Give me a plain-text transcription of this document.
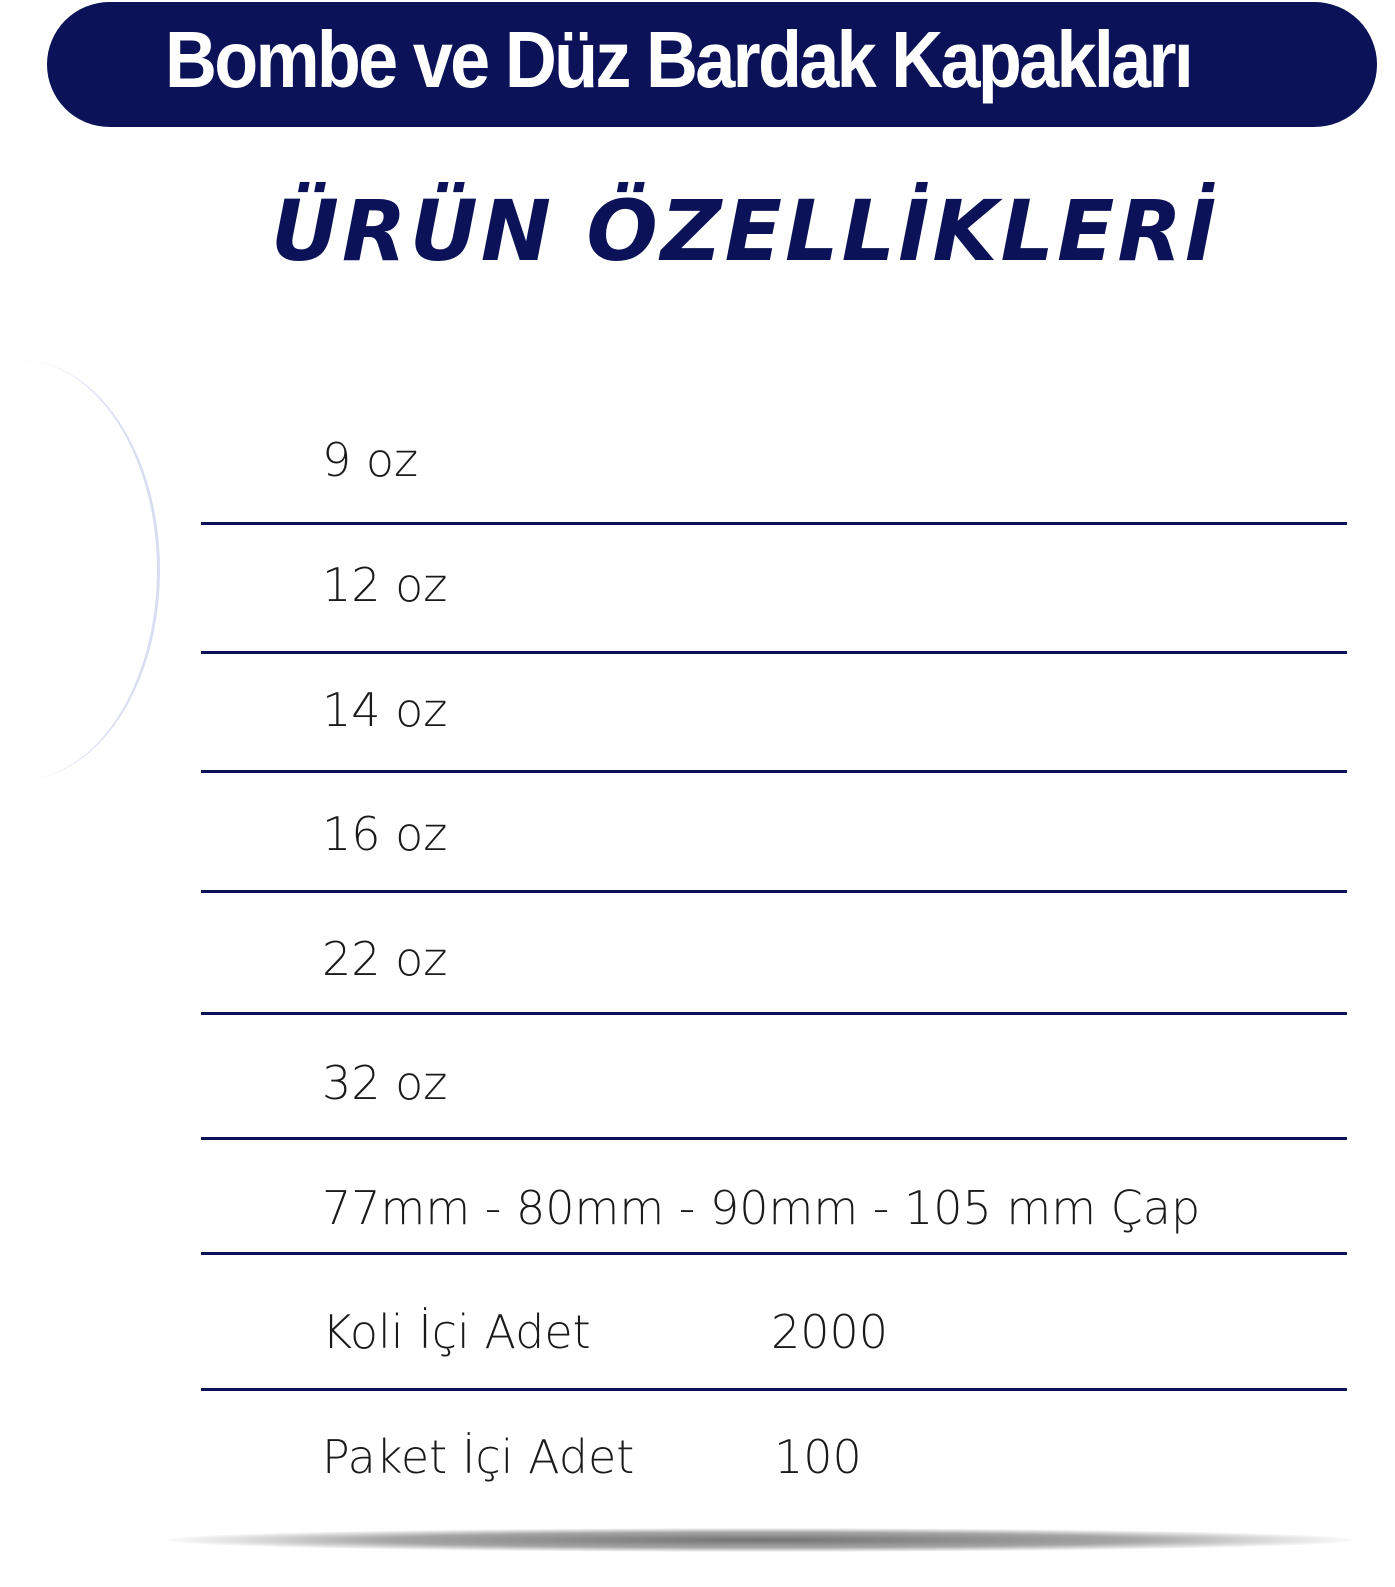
Bombe ve Düz Bardak Kapakları
ÜRÜN ÖZELLİKLERİ
9 oz
12 oz
14 oz
16 oz
22 oz
32 oz
77mm - 80mm - 90mm - 105 mm Çap
Koli İçi Adet	2000
Paket İçi Adet	100
